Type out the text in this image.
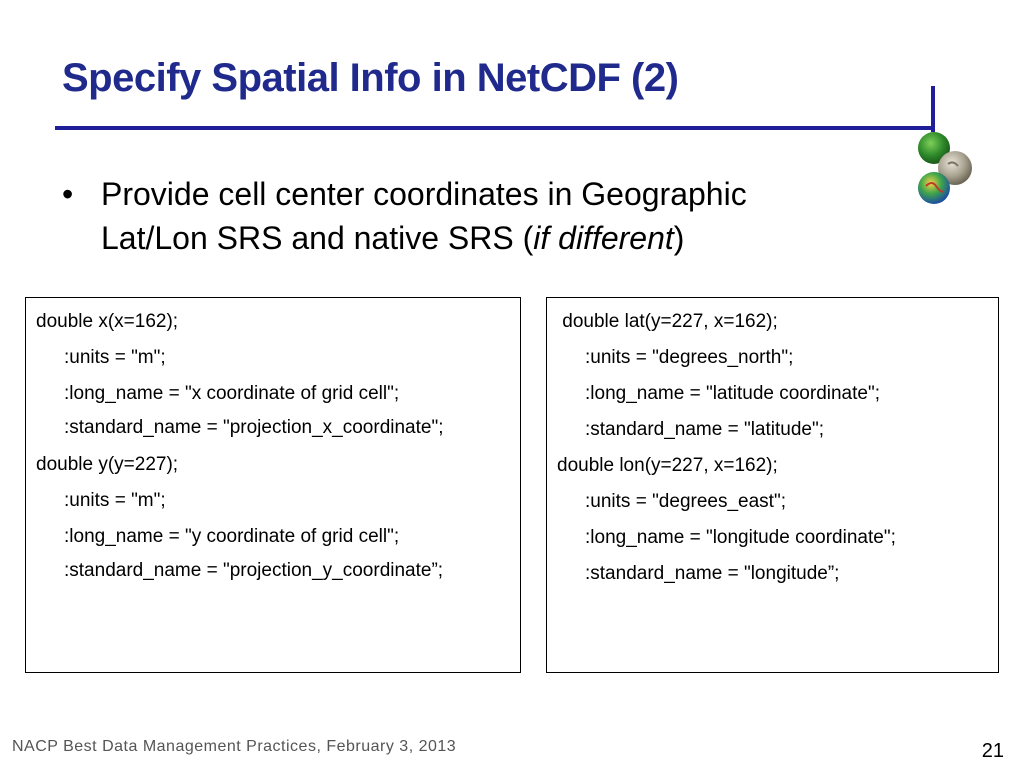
Specify Spatial Info in NetCDF (2)
• Provide cell center coordinates in Geographic
Lat/Lon SRS and native SRS (if different)
double x(x=162);
:units = "m";
:long_name = "x coordinate of grid cell";
:standard_name = "projection_x_coordinate";
double y(y=227);
:units = "m";
:long_name = "y coordinate of grid cell";
:standard_name = "projection_y_coordinate”;
double lat(y=227, x=162);
:units = "degrees_north";
:long_name = "latitude coordinate";
:standard_name = "latitude";
double lon(y=227, x=162);
:units = "degrees_east";
:long_name = "longitude coordinate";
:standard_name = "longitude”;
NACP Best Data Management Practices, February 3, 2013	21
